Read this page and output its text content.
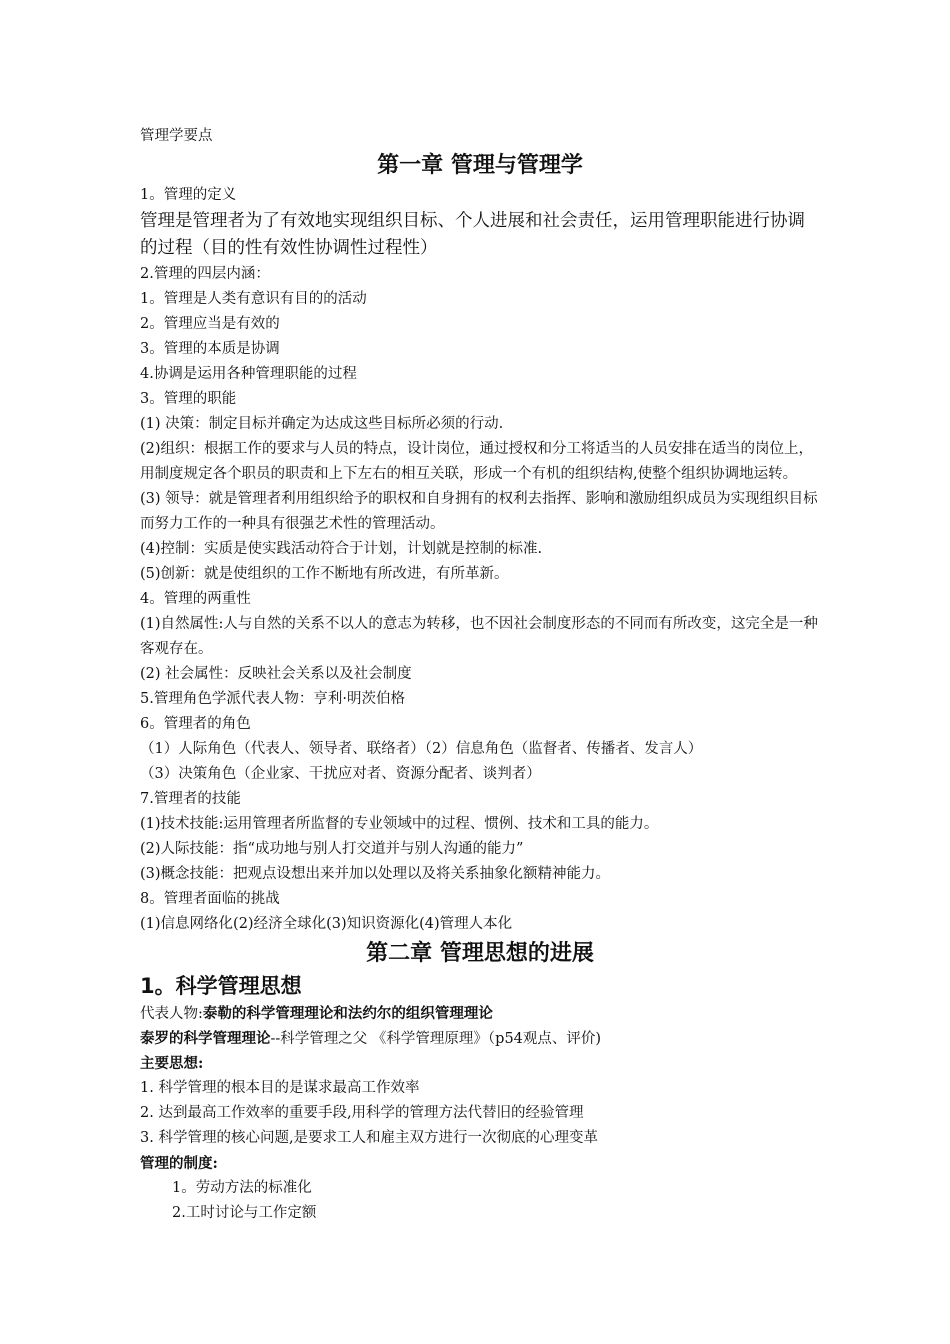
管理学要点
第一章 管理与管理学
1。管理的定义
管理是管理者为了有效地实现组织目标、个人进展和社会责任，运用管理职能进行协调的过程（目的性有效性协调性过程性）
2.管理的四层内涵：
1。管理是人类有意识有目的的活动
2。管理应当是有效的
3。管理的本质是协调
4.协调是运用各种管理职能的过程
3。管理的职能
(1) 决策：制定目标并确定为达成这些目标所必须的行动.
(2)组织：根据工作的要求与人员的特点，设计岗位，通过授权和分工将适当的人员安排在适当的岗位上，用制度规定各个职员的职责和上下左右的相互关联，形成一个有机的组织结构,使整个组织协调地运转。
(3) 领导：就是管理者利用组织给予的职权和自身拥有的权利去指挥、影响和激励组织成员为实现组织目标而努力工作的一种具有很强艺术性的管理活动。
(4)控制：实质是使实践活动符合于计划，计划就是控制的标准.
(5)创新：就是使组织的工作不断地有所改进，有所革新。
4。管理的两重性
(1)自然属性:人与自然的关系不以人的意志为转移，也不因社会制度形态的不同而有所改变，这完全是一种客观存在。
(2) 社会属性：反映社会关系以及社会制度
5.管理角色学派代表人物：亨利·明茨伯格
6。管理者的角色
（1）人际角色（代表人、领导者、联络者）（2）信息角色（监督者、传播者、发言人）
（3）决策角色（企业家、干扰应对者、资源分配者、谈判者）
7.管理者的技能
(1)技术技能:运用管理者所监督的专业领域中的过程、惯例、技术和工具的能力。
(2)人际技能：指“成功地与别人打交道并与别人沟通的能力”
(3)概念技能：把观点设想出来并加以处理以及将关系抽象化额精神能力。
8。管理者面临的挑战
(1)信息网络化(2)经济全球化(3)知识资源化(4)管理人本化
第二章 管理思想的进展
1。科学管理思想
代表人物:泰勒的科学管理理论和法约尔的组织管理理论
泰罗的科学管理理论--科学管理之父 《科学管理原理》（p54观点、评价)
主要思想:
1. 科学管理的根本目的是谋求最高工作效率
2. 达到最高工作效率的重要手段,用科学的管理方法代替旧的经验管理
3. 科学管理的核心问题,是要求工人和雇主双方进行一次彻底的心理变革
管理的制度:
1。劳动方法的标准化
2.工时讨论与工作定额
